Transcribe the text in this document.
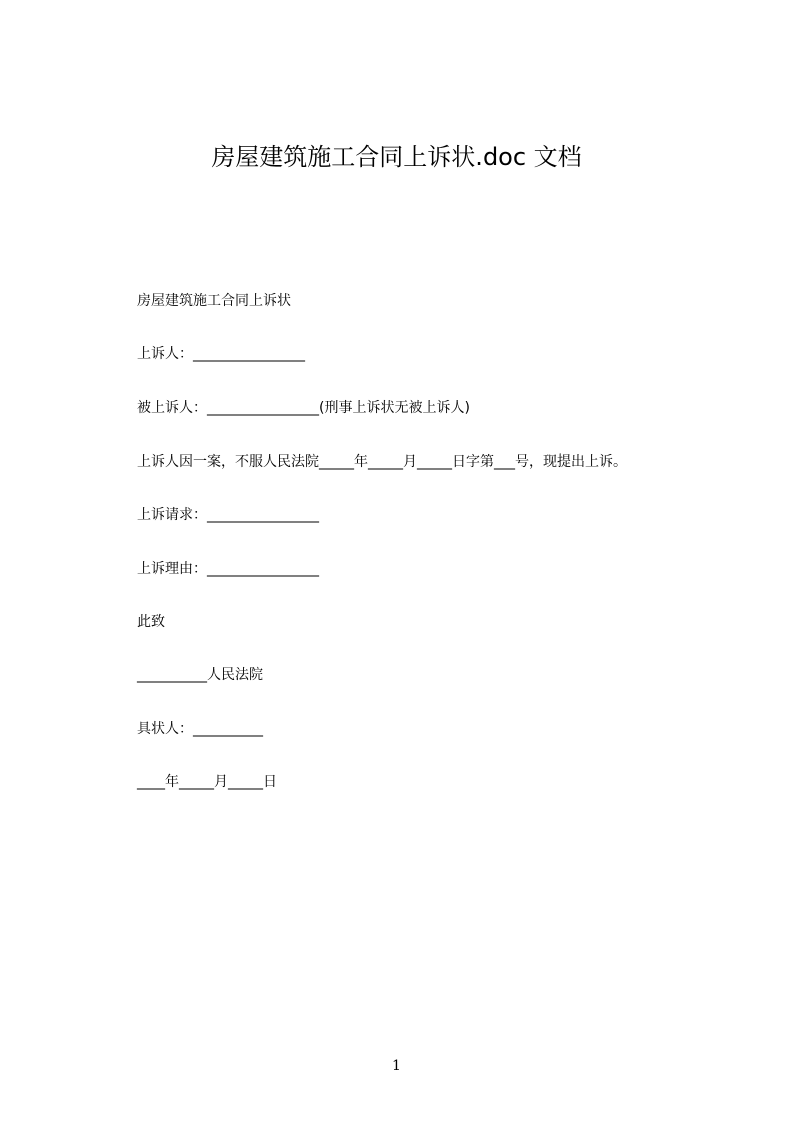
房屋建筑施工合同上诉状.doc 文档
房屋建筑施工合同上诉状
上诉人：________________
被上诉人：________________(刑事上诉状无被上诉人)
上诉人因一案，不服人民法院_____年_____月_____日字第___号，现提出上诉。
上诉请求：________________
上诉理由：________________
此致
__________人民法院
具状人：__________
____年_____月_____日
1
